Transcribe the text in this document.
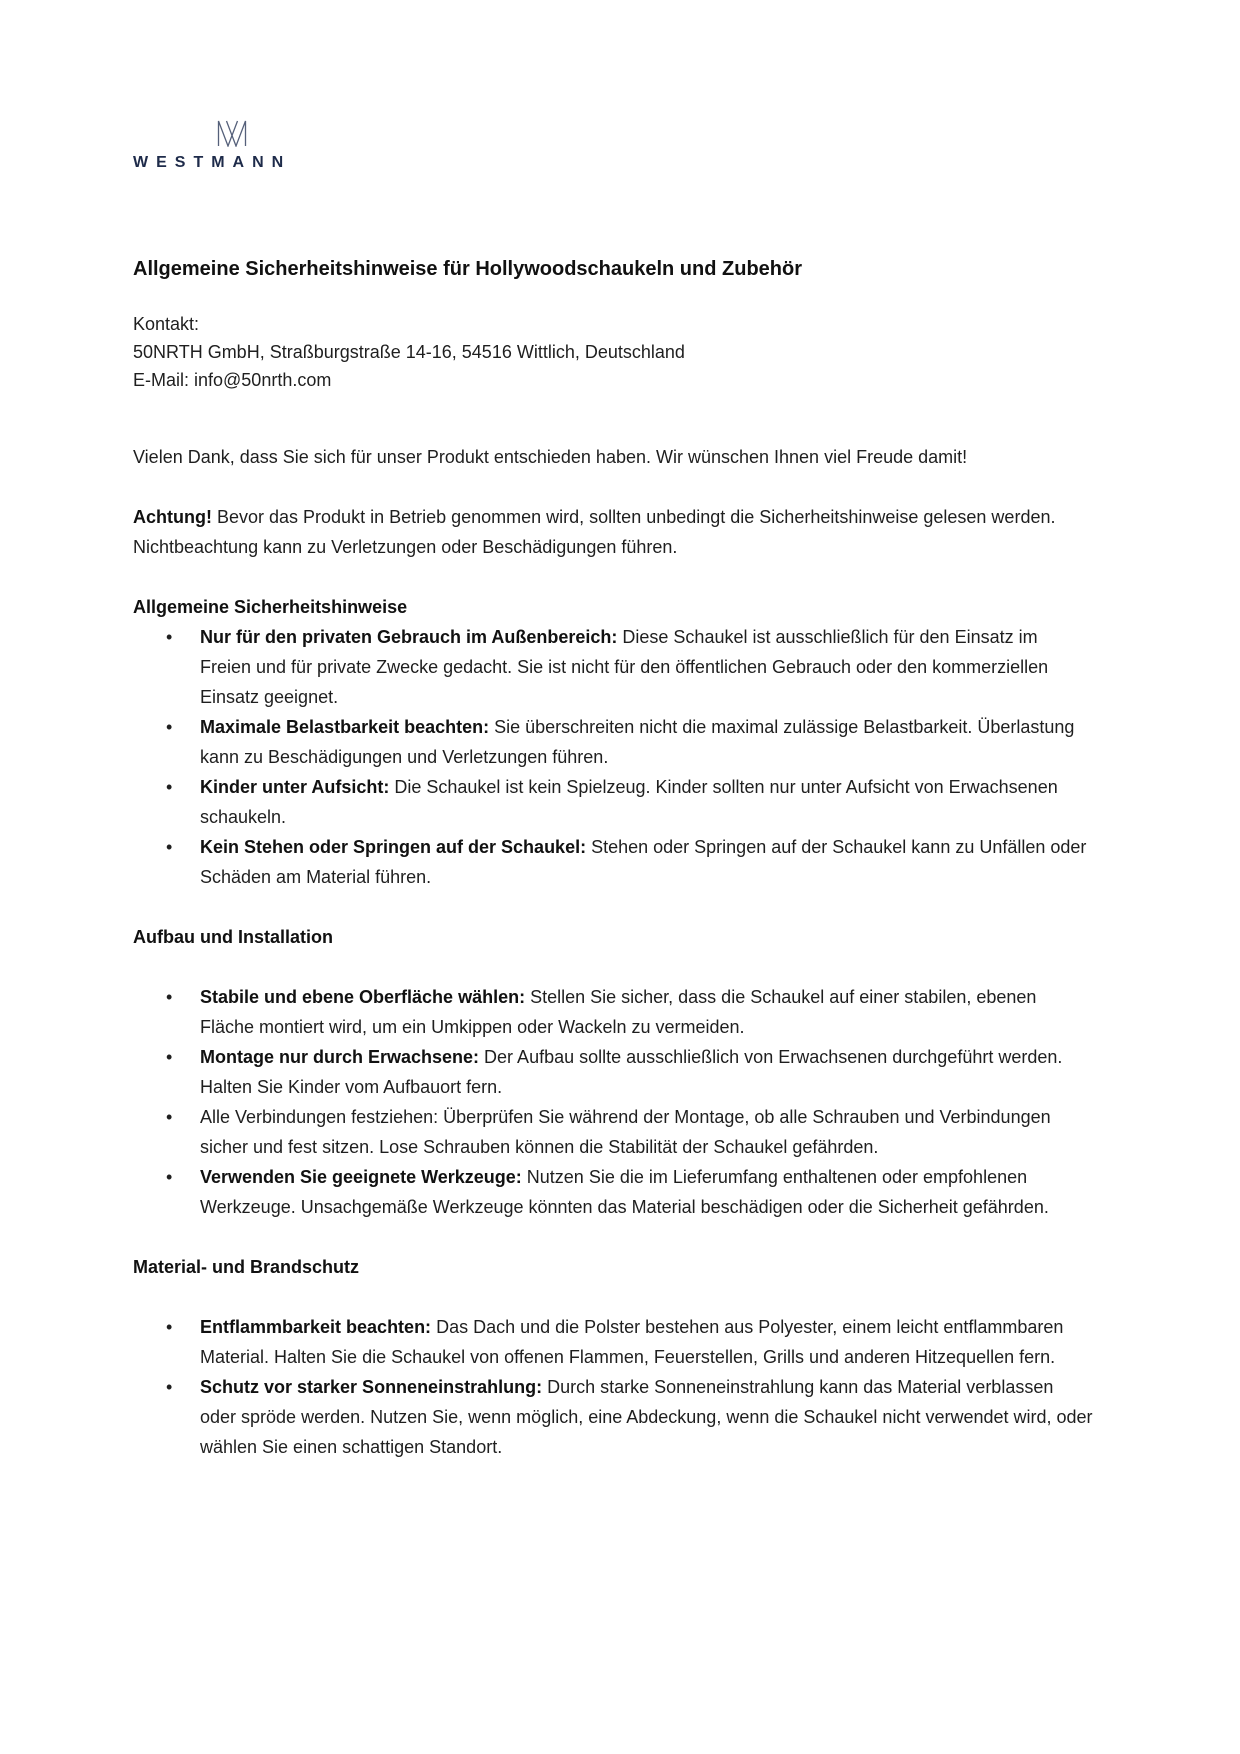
WESTMANN
Allgemeine Sicherheitshinweise für Hollywoodschaukeln und Zubehör

Kontakt:
50NRTH GmbH, Straßburgstraße 14-16, 54516 Wittlich, Deutschland
E-Mail: info@50nrth.com

Vielen Dank, dass Sie sich für unser Produkt entschieden haben. Wir wünschen Ihnen viel Freude damit!

Achtung! Bevor das Produkt in Betrieb genommen wird, sollten unbedingt die Sicherheitshinweise gelesen werden. Nichtbeachtung kann zu Verletzungen oder Beschädigungen führen.

Allgemeine Sicherheitshinweise
• Nur für den privaten Gebrauch im Außenbereich: Diese Schaukel ist ausschließlich für den Einsatz im Freien und für private Zwecke gedacht. Sie ist nicht für den öffentlichen Gebrauch oder den kommerziellen Einsatz geeignet.
• Maximale Belastbarkeit beachten: Sie überschreiten nicht die maximal zulässige Belastbarkeit. Überlastung kann zu Beschädigungen und Verletzungen führen.
• Kinder unter Aufsicht: Die Schaukel ist kein Spielzeug. Kinder sollten nur unter Aufsicht von Erwachsenen schaukeln.
• Kein Stehen oder Springen auf der Schaukel: Stehen oder Springen auf der Schaukel kann zu Unfällen oder Schäden am Material führen.
Aufbau und Installation
• Stabile und ebene Oberfläche wählen: Stellen Sie sicher, dass die Schaukel auf einer stabilen, ebenen Fläche montiert wird, um ein Umkippen oder Wackeln zu vermeiden.
• Montage nur durch Erwachsene: Der Aufbau sollte ausschließlich von Erwachsenen durchgeführt werden. Halten Sie Kinder vom Aufbauort fern.
• Alle Verbindungen festziehen: Überprüfen Sie während der Montage, ob alle Schrauben und Verbindungen sicher und fest sitzen. Lose Schrauben können die Stabilität der Schaukel gefährden.
• Verwenden Sie geeignete Werkzeuge: Nutzen Sie die im Lieferumfang enthaltenen oder empfohlenen Werkzeuge. Unsachgemäße Werkzeuge könnten das Material beschädigen oder die Sicherheit gefährden.
Material- und Brandschutz
• Entflammbarkeit beachten: Das Dach und die Polster bestehen aus Polyester, einem leicht entflammbaren Material. Halten Sie die Schaukel von offenen Flammen, Feuerstellen, Grills und anderen Hitzequellen fern.
• Schutz vor starker Sonneneinstrahlung: Durch starke Sonneneinstrahlung kann das Material verblassen oder spröde werden. Nutzen Sie, wenn möglich, eine Abdeckung, wenn die Schaukel nicht verwendet wird, oder wählen Sie einen schattigen Standort.
